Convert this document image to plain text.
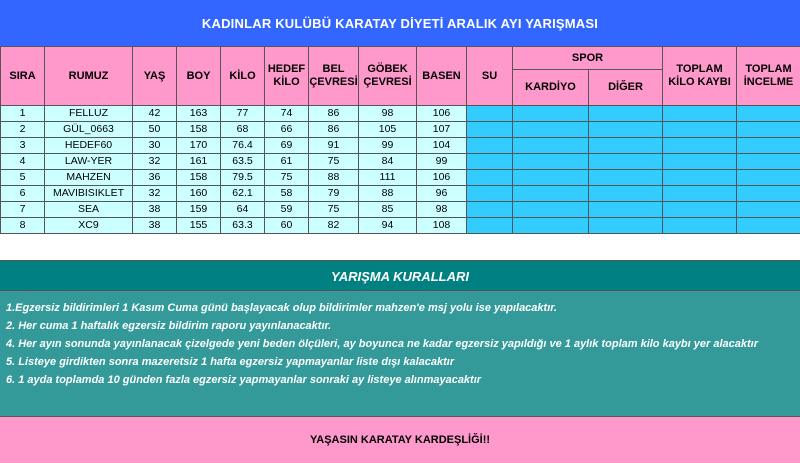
KADINLAR KULÜBÜ KARATAY DİYETİ ARALIK AYI YARIŞMASI
SIRA	RUMUZ	YAŞ	BOY	KİLO	HEDEF KİLO	BEL ÇEVRESİ	GÖBEK ÇEVRESİ	BASEN	SU	SPOR		TOPLAM KİLO KAYBI	TOPLAM İNCELME
										KARDİYO	DİĞER		
1	FELLUZ	42	163	77	74	86	98	106					
2	GÜL_0663	50	158	68	66	86	105	107					
3	HEDEF60	30	170	76.4	69	91	99	104					
4	LAW-YER	32	161	63.5	61	75	84	99					
5	MAHZEN	36	158	79.5	75	88	111	106					
6	MAVIBISIKLET	32	160	62.1	58	79	88	96					
7	SEA	38	159	64	59	75	85	98					
8	XC9	38	155	63.3	60	82	94	108					
YARIŞMA KURALLARI
1.Egzersiz bildirimleri 1 Kasım Cuma günü başlayacak olup bildirimler mahzen'e msj yolu ise yapılacaktır.
2. Her cuma 1 haftalık egzersiz bildirim raporu yayınlanacaktır.
4. Her ayın sonunda yayınlanacak çizelgede yeni beden ölçüleri, ay boyunca ne kadar egzersiz yapıldığı ve 1 aylık toplam kilo kaybı yer alacaktır
5. Listeye girdikten sonra mazeretsiz 1 hafta egzersiz yapmayanlar liste dışı kalacaktır
6. 1 ayda toplamda 10 günden fazla egzersiz yapmayanlar sonraki ay listeye alınmayacaktır
YAŞASIN KARATAY KARDEŞLİĞİ!!
